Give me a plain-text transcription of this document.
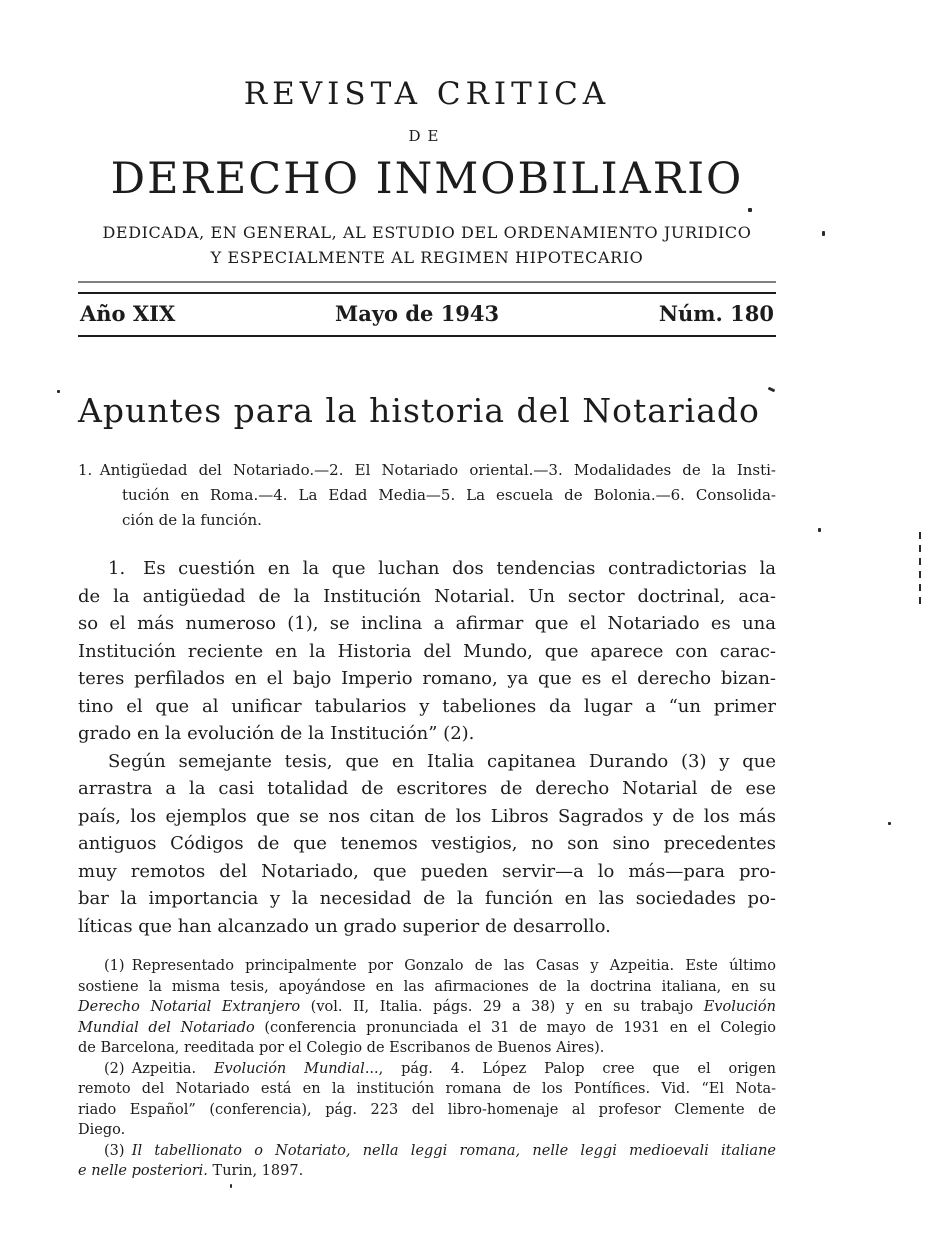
REVISTA CRITICA
DE
DERECHO INMOBILIARIO
DEDICADA, EN GENERAL, AL ESTUDIO DEL ORDENAMIENTO JURIDICO
Y ESPECIALMENTE AL REGIMEN HIPOTECARIO
Año XIX	Mayo de 1943	Núm. 180
Apuntes para la historia del Notariado
1. Antigüedad del Notariado.—2. El Notariado oriental.—3. Modalidades de la Insti-
tución en Roma.—4. La Edad Media—5. La escuela de Bolonia.—6. Consolida-
ción de la función.
1. Es cuestión en la que luchan dos tendencias contradictorias la
de la antigüedad de la Institución Notarial. Un sector doctrinal, aca-
so el más numeroso (1), se inclina a afirmar que el Notariado es una
Institución reciente en la Historia del Mundo, que aparece con carac-
teres perfilados en el bajo Imperio romano, ya que es el derecho bizan-
tino el que al unificar tabularios y tabeliones da lugar a “un primer
grado en la evolución de la Institución” (2).
Según semejante tesis, que en Italia capitanea Durando (3) y que
arrastra a la casi totalidad de escritores de derecho Notarial de ese
país, los ejemplos que se nos citan de los Libros Sagrados y de los más
antiguos Códigos de que tenemos vestigios, no son sino precedentes
muy remotos del Notariado, que pueden servir—a lo más—para pro-
bar la importancia y la necesidad de la función en las sociedades po-
líticas que han alcanzado un grado superior de desarrollo.
(1) Representado principalmente por Gonzalo de las Casas y Azpeitia. Este último
sostiene la misma tesis, apoyándose en las afirmaciones de la doctrina italiana, en su
Derecho Notarial Extranjero (vol. II, Italia. págs. 29 a 38) y en su trabajo Evolución
Mundial del Notariado (conferencia pronunciada el 31 de mayo de 1931 en el Colegio
de Barcelona, reeditada por el Colegio de Escribanos de Buenos Aires).
(2) Azpeitia. Evolución Mundial..., pág. 4. López Palop cree que el origen
remoto del Notariado está en la institución romana de los Pontífices. Vid. “El Nota-
riado Español” (conferencia), pág. 223 del libro-homenaje al profesor Clemente de
Diego.
(3) Il tabellionato o Notariato, nella leggi romana, nelle leggi medioevali italiane
e nelle posteriori. Turin, 1897.
